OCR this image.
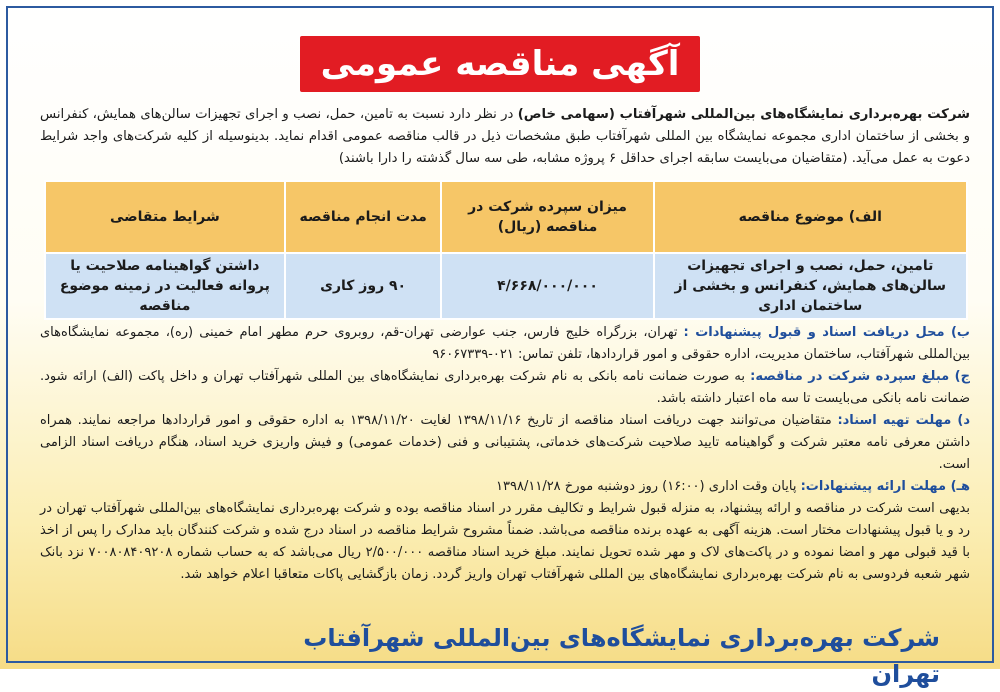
آگهی مناقصه عمومی

شرکت بهره‌برداری نمایشگاه‌های بین‌المللی شهرآفتاب (سهامی خاص) در نظر دارد نسبت به تامین، حمل، نصب و اجرای تجهیزات سالن‌های همایش، کنفرانس و بخشی از ساختمان اداری مجموعه نمایشگاه بین المللی شهرآفتاب طبق مشخصات ذیل در قالب مناقصه عمومی اقدام نماید. بدینوسیله از کلیه شرکت‌های واجد شرایط دعوت به عمل می‌آید. (متقاضیان می‌بایست سابقه اجرای حداقل ۶ پروژه مشابه، طی سه سال گذشته را دارا باشند)

الف) موضوع مناقصه	میزان سپرده شرکت در مناقصه (ریال)	مدت انجام مناقصه	شرایط متقاضی
تامین، حمل، نصب و اجرای تجهیزات سالن‌های همایش، کنفرانس و بخشی از ساختمان اداری	۴/۶۶۸/۰۰۰/۰۰۰	۹۰ روز کاری	داشتن گواهینامه صلاحیت یا پروانه فعالیت در زمینه موضوع مناقصه

ب) محل دریافت اسناد و قبول پیشنهادات : تهران، بزرگراه خلیج فارس، جنب عوارضی تهران-قم، روبروی حرم مطهر امام خمینی (ره)، مجموعه نمایشگاه‌های بین‌المللی شهرآفتاب، ساختمان مدیریت، اداره حقوقی و امور قراردادها، تلفن تماس: ۰۲۱-۹۶۰۶۷۳۳۹

ج) مبلغ سپرده شرکت در مناقصه: به صورت ضمانت نامه بانکی به نام شرکت بهره‌برداری نمایشگاه‌های بین المللی شهرآفتاب تهران و داخل پاکت (الف) ارائه شود. ضمانت نامه بانکی می‌بایست تا سه ماه اعتبار داشته باشد.

د) مهلت تهیه اسناد: متقاضیان می‌توانند جهت دریافت اسناد مناقصه از تاریخ ۱۳۹۸/۱۱/۱۶ لغایت ۱۳۹۸/۱۱/۲۰ به اداره حقوقی و امور قراردادها مراجعه نمایند. همراه داشتن معرفی نامه معتبر شرکت و گواهینامه تایید صلاحیت شرکت‌های خدماتی، پشتیبانی و فنی (خدمات عمومی) و فیش واریزی خرید اسناد، هنگام دریافت اسناد الزامی است.

هـ) مهلت ارائه پیشنهادات: پایان وقت اداری (۱۶:۰۰) روز دوشنبه مورخ ۱۳۹۸/۱۱/۲۸

بدیهی است شرکت در مناقصه و ارائه پیشنهاد، به منزله قبول شرایط و تکالیف مقرر در اسناد مناقصه بوده و شرکت بهره‌برداری نمایشگاه‌های بین‌المللی شهرآفتاب تهران در رد و یا قبول پیشنهادات مختار است. هزینه آگهی به عهده برنده مناقصه می‌باشد. ضمناً مشروح شرایط مناقصه در اسناد درج شده و شرکت کنندگان باید مدارک را پس از اخذ با قید قبولی مهر و امضا نموده و در پاکت‌های لاک و مهر شده تحویل نمایند. مبلغ خرید اسناد مناقصه ۲/۵۰۰/۰۰۰ ریال می‌باشد که به حساب شماره ۷۰۰۸۰۸۴۰۹۲۰۸ نزد بانک شهر شعبه فردوسی به نام شرکت بهره‌برداری نمایشگاه‌های بین المللی شهرآفتاب تهران واریز گردد. زمان بازگشایی پاکات متعاقبا اعلام خواهد شد.

شرکت بهره‌برداری نمایشگاه‌های بین‌المللی شهرآفتاب تهران
